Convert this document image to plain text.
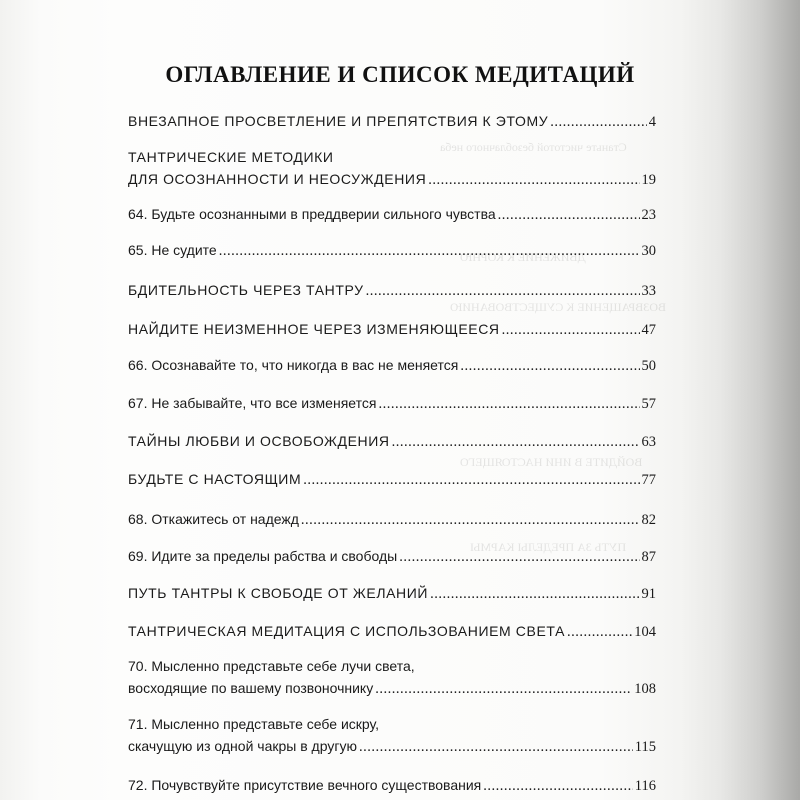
Станьте чистотой безоблачного неба
ДВИЖЕНИЕ К КОРНЮ
ВОЗВРАЩЕНИЕ К СУЩЕСТВОВАНИЮ
ВОЙДИТЕ В ИНИ НАСТОЯЩЕГО
ПУТЬ ЗА ПРЕДЕЛЫ КАРМЫ
ОГЛАВЛЕНИЕ И СПИСОК МЕДИТАЦИЙ
ВНЕЗАПНОЕ ПРОСВЕТЛЕНИЕ И ПРЕПЯТСТВИЯ К ЭТОМУ .....	4
ТАНТРИЧЕСКИЕ МЕТОДИКИ
ДЛЯ ОСОЗНАННОСТИ И НЕОСУЖДЕНИЯ .....	19
64. Будьте осознанными в преддверии сильного чувства .....	23
65. Не судите .....	30
БДИТЕЛЬНОСТЬ ЧЕРЕЗ ТАНТРУ .....	33
НАЙДИТЕ НЕИЗМЕННОЕ ЧЕРЕЗ ИЗМЕНЯЮЩЕЕСЯ .....	47
66. Осознавайте то, что никогда в вас не меняется .....	50
67. Не забывайте, что все изменяется .....	57
ТАЙНЫ ЛЮБВИ И ОСВОБОЖДЕНИЯ .....	63
БУДЬТЕ С НАСТОЯЩИМ .....	77
68. Откажитесь от надежд .....	82
69. Идите за пределы рабства и свободы .....	87
ПУТЬ ТАНТРЫ К СВОБОДЕ ОТ ЖЕЛАНИЙ .....	91
ТАНТРИЧЕСКАЯ МЕДИТАЦИЯ С ИСПОЛЬЗОВАНИЕМ СВЕТА .....	104
70. Мысленно представьте себе лучи света,
восходящие по вашему позвоночнику .....	108
71. Мысленно представьте себе искру,
скачущую из одной чакры в другую .....	115
72. Почувствуйте присутствие вечного существования .....	116
